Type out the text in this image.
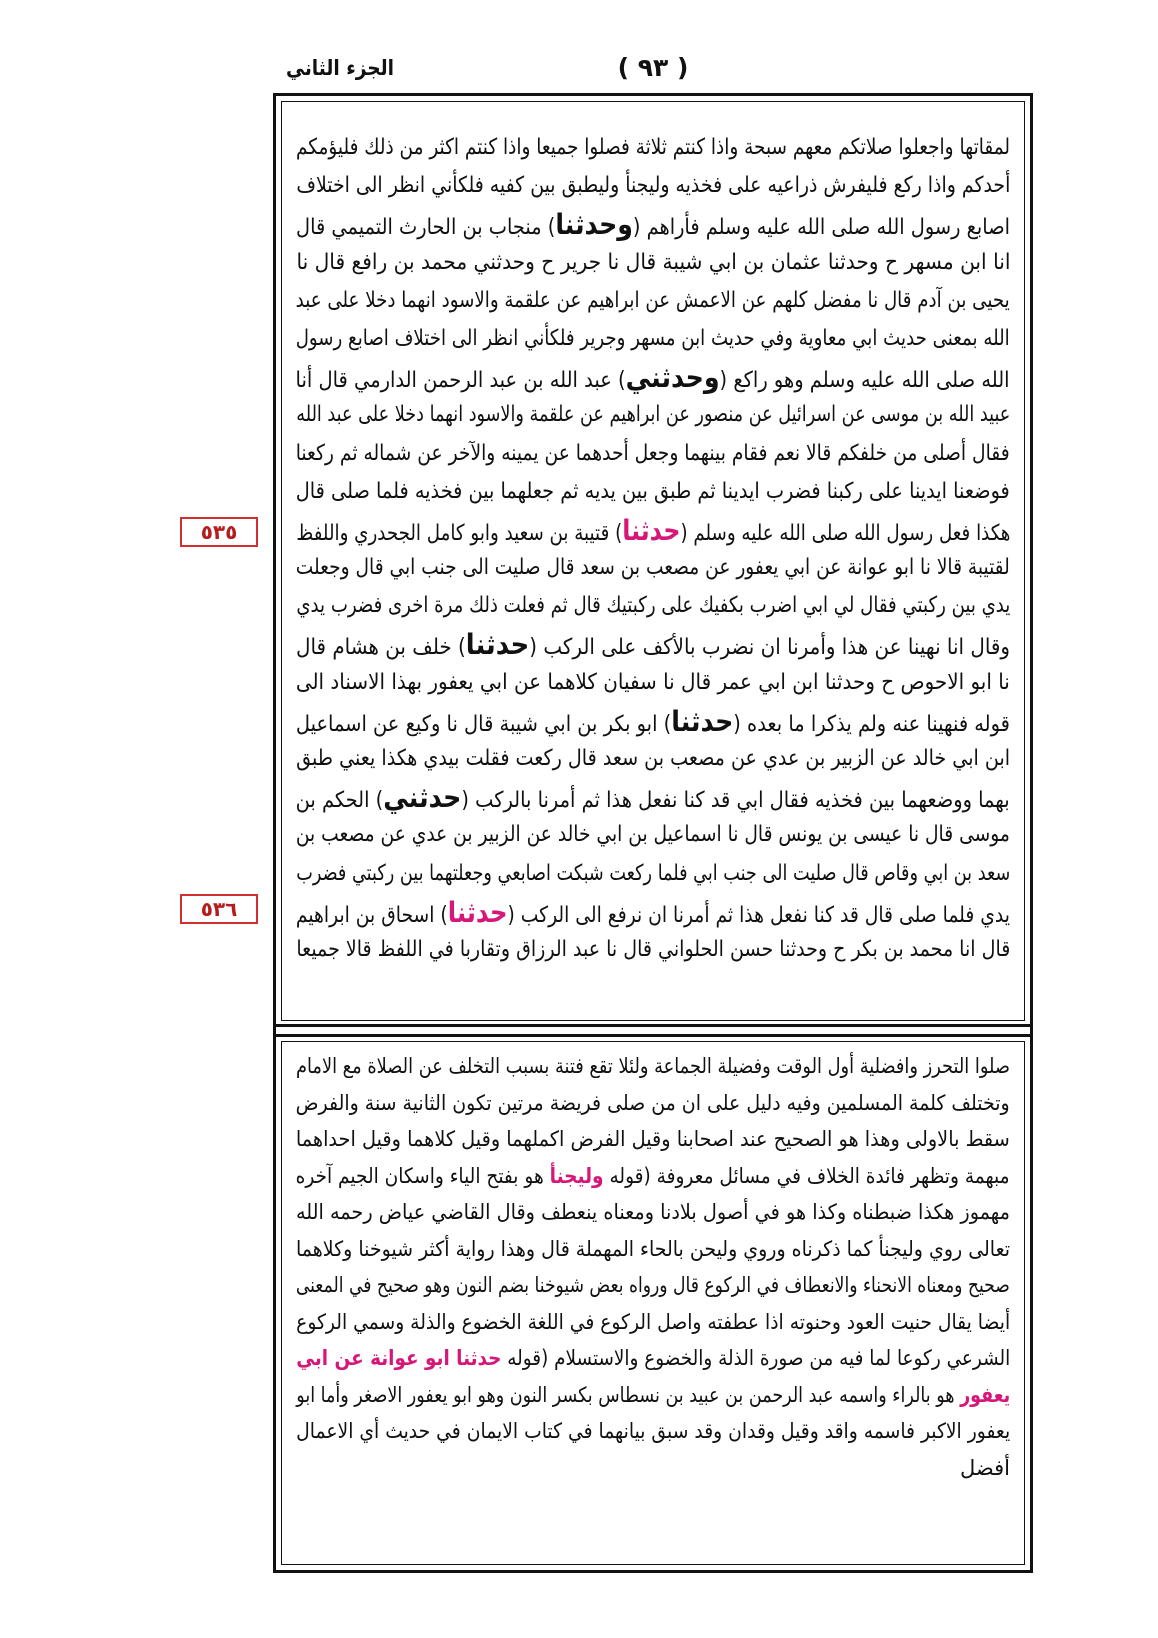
الجزء الثاني	( ٩٣ )
لمقاتها واجعلوا صلاتكم معهم سبحة واذا كنتم ثلاثة فصلوا جميعا واذا كنتم اكثر من ذلك فليؤمكم
أحدكم واذا ركع فليفرش ذراعيه على فخذيه وليجنأ وليطبق بين كفيه فلكأني انظر الى اختلاف
اصابع رسول الله صلى الله عليه وسلم فأراهم (وحدثنا) منجاب بن الحارث التميمي قال
انا ابن مسهر ح وحدثنا عثمان بن ابي شيبة قال نا جرير ح وحدثني محمد بن رافع قال نا
يحيى بن آدم قال نا مفضل كلهم عن الاعمش عن ابراهيم عن علقمة والاسود انهما دخلا على عبد
الله بمعنى حديث ابي معاوية وفي حديث ابن مسهر وجرير فلكأني انظر الى اختلاف اصابع رسول
الله صلى الله عليه وسلم وهو راكع (وحدثني) عبد الله بن عبد الرحمن الدارمي قال أنا
عبيد الله بن موسى عن اسرائيل عن منصور عن ابراهيم عن علقمة والاسود انهما دخلا على عبد الله
فقال أصلى من خلفكم قالا نعم فقام بينهما وجعل أحدهما عن يمينه والآخر عن شماله ثم ركعنا
فوضعنا ايدينا على ركبنا فضرب ايدينا ثم طبق بين يديه ثم جعلهما بين فخذيه فلما صلى قال
هكذا فعل رسول الله صلى الله عليه وسلم (حدثنا) قتيبة بن سعيد وابو كامل الجحدري واللفظ
لقتيبة قالا نا ابو عوانة عن ابي يعفور عن مصعب بن سعد قال صليت الى جنب ابي قال وجعلت
يدي بين ركبتي فقال لي ابي اضرب بكفيك على ركبتيك قال ثم فعلت ذلك مرة اخرى فضرب يدي
وقال انا نهينا عن هذا وأمرنا ان نضرب بالأكف على الركب (حدثنا) خلف بن هشام قال
نا ابو الاحوص ح وحدثنا ابن ابي عمر قال نا سفيان كلاهما عن ابي يعفور بهذا الاسناد الى
قوله فنهينا عنه ولم يذكرا ما بعده (حدثنا) ابو بكر بن ابي شيبة قال نا وكيع عن اسماعيل
ابن ابي خالد عن الزبير بن عدي عن مصعب بن سعد قال ركعت فقلت بيدي هكذا يعني طبق
بهما ووضعهما بين فخذيه فقال ابي قد كنا نفعل هذا ثم أمرنا بالركب (حدثني) الحكم بن
موسى قال نا عيسى بن يونس قال نا اسماعيل بن ابي خالد عن الزبير بن عدي عن مصعب بن
سعد بن ابي وقاص قال صليت الى جنب ابي فلما ركعت شبكت اصابعي وجعلتهما بين ركبتي فضرب
يدي فلما صلى قال قد كنا نفعل هذا ثم أمرنا ان نرفع الى الركب (حدثنا) اسحاق بن ابراهيم
قال انا محمد بن بكر ح وحدثنا حسن الحلواني قال نا عبد الرزاق وتقاربا في اللفظ قالا جميعا
صلوا التحرز وافضلية أول الوقت وفضيلة الجماعة ولئلا تقع فتنة بسبب التخلف عن الصلاة مع الامام
وتختلف كلمة المسلمين وفيه دليل على ان من صلى فريضة مرتين تكون الثانية سنة والفرض
سقط بالاولى وهذا هو الصحيح عند اصحابنا وقيل الفرض اكملهما وقيل كلاهما وقيل احداهما
مبهمة وتظهر فائدة الخلاف في مسائل معروفة (قوله وليجنأ هو بفتح الياء واسكان الجيم آخره
مهموز هكذا ضبطناه وكذا هو في أصول بلادنا ومعناه ينعطف وقال القاضي عياض رحمه الله
تعالى روي وليجنأ كما ذكرناه وروي وليحن بالحاء المهملة قال وهذا رواية أكثر شيوخنا وكلاهما
صحيح ومعناه الانحناء والانعطاف في الركوع قال ورواه بعض شيوخنا بضم النون وهو صحيح في المعنى
أيضا يقال حنيت العود وحنوته اذا عطفته واصل الركوع في اللغة الخضوع والذلة وسمي الركوع
الشرعي ركوعا لما فيه من صورة الذلة والخضوع والاستسلام (قوله حدثنا ابو عوانة عن ابي
يعفور هو بالراء واسمه عبد الرحمن بن عبيد بن نسطاس بكسر النون وهو ابو يعفور الاصغر وأما ابو
يعفور الاكبر فاسمه واقد وقيل وقدان وقد سبق بيانهما في كتاب الايمان في حديث أي الاعمال
أفضل
٥٣٥
٥٣٦
